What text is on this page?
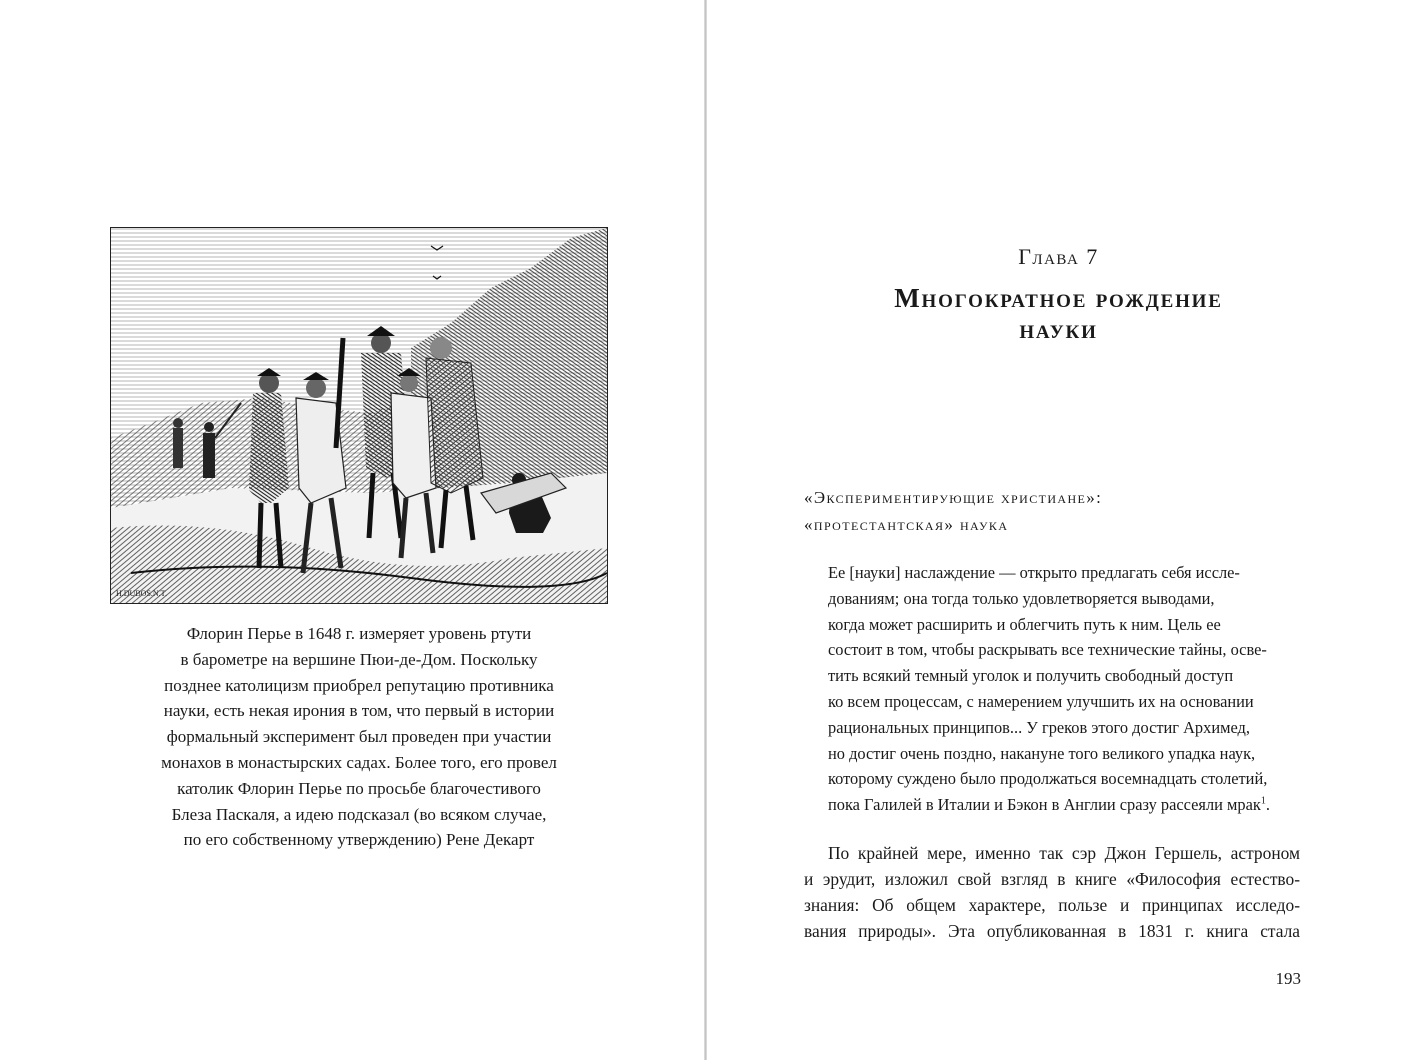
H.DUBOS.N.T.
Флорин Перье в 1648 г. измеряет уровень ртути
в барометре на вершине Пюи-де-Дом. Поскольку
позднее католицизм приобрел репутацию противника
науки, есть некая ирония в том, что первый в истории
формальный эксперимент был проведен при участии
монахов в монастырских садах. Более того, его провел
католик Флорин Перье по просьбе благочестивого
Блеза Паскаля, а идею подсказал (во всяком случае,
по его собственному утверждению) Рене Декарт
Глава 7
Многократное рождение
науки
«Экспериментирующие христиане»:
«протестантская» наука
Ее [науки] наслаждение — открыто предлагать себя иссле-
дованиям; она тогда только удовлетворяется выводами,
когда может расширить и облегчить путь к ним. Цель ее
состоит в том, чтобы раскрывать все технические тайны, осве-
тить всякий темный уголок и получить свободный доступ
ко всем процессам, с намерением улучшить их на основании
рациональных принципов... У греков этого достиг Архимед,
но достиг очень поздно, накануне того великого упадка наук,
которому суждено было продолжаться восемнадцать столетий,
пока Галилей в Италии и Бэкон в Англии сразу рассеяли мрак$^1$.
По крайней мере, именно так сэр Джон Гершель, астроном
и эрудит, изложил свой взгляд в книге «Философия естество-
знания: Об общем характере, пользе и принципах исследо-
вания природы». Эта опубликованная в 1831 г. книга стала
193
